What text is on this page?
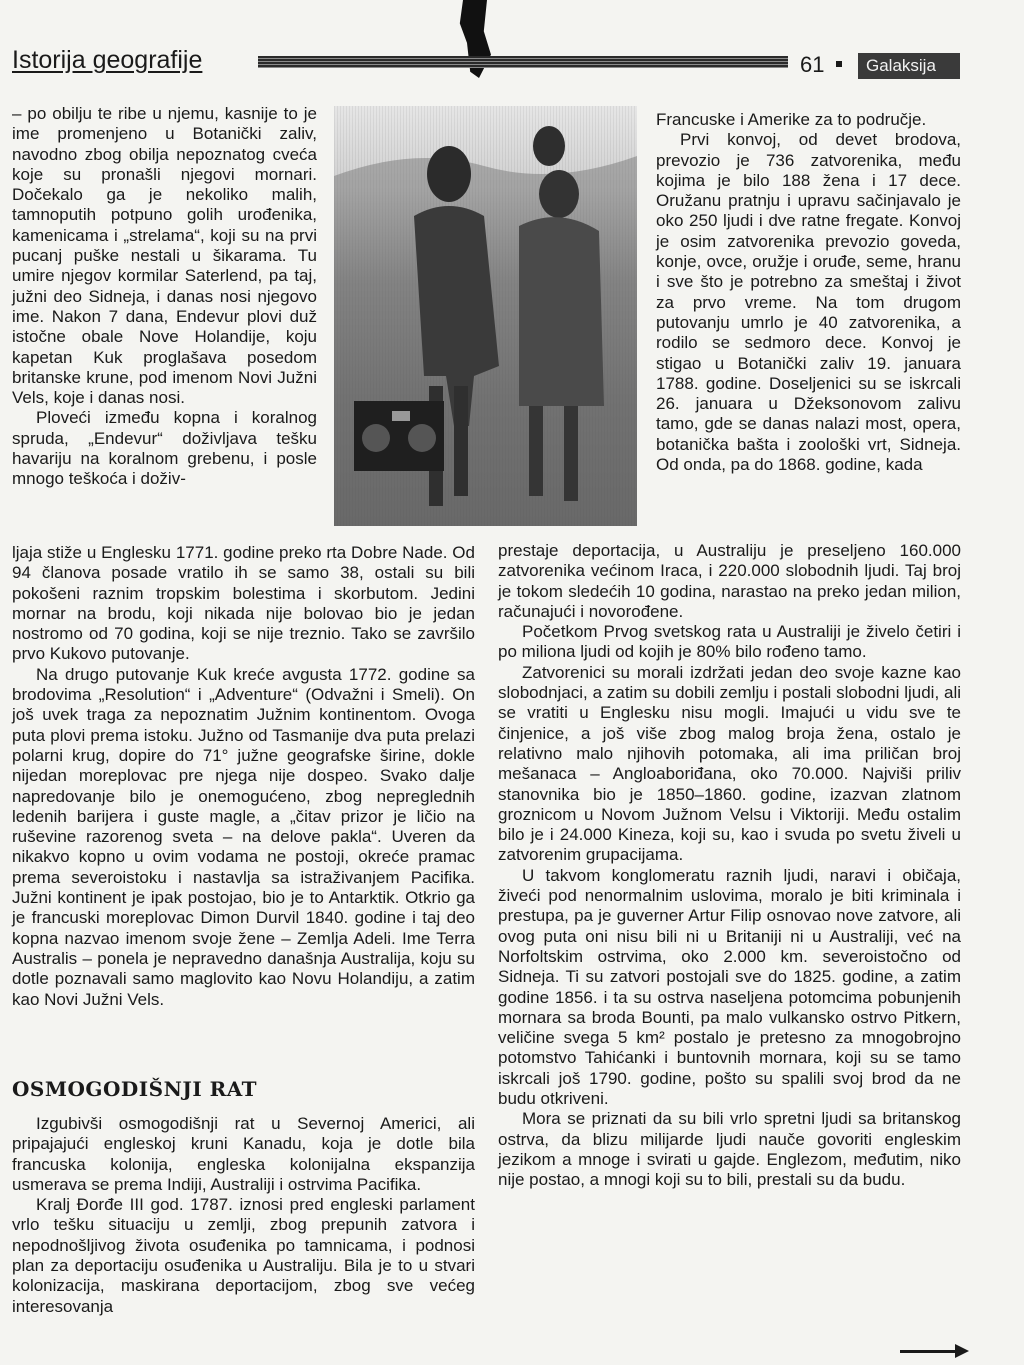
Istorija geografije	61	Galaksija

– po obilju te ribe u njemu, kasnije to je ime promenjeno u Botanički zaliv, navodno zbog obilja nepoznatog cveća koje su pronašli njegovi mornari. Dočekalo ga je nekoliko malih, tamnoputih potpuno golih urođenika, kamenicama i „strelama“, koji su na prvi pucanj puške nestali u šikarama. Tu umire njegov kormilar Saterlend, pa taj, južni deo Sidneja, i danas nosi njegovo ime. Nakon 7 dana, Endevur plovi duž istočne obale Nove Holandije, koju kapetan Kuk proglašava posedom britanske krune, pod imenom Novi Južni Vels, koje i danas nosi.

Ploveći između kopna i koralnog spruda, „Endevur“ doživljava tešku havariju na koralnom grebenu, i posle mnogo teškoća i doživ-

Francuske i Amerike za to područje.

Prvi konvoj, od devet brodova, prevozio je 736 zatvorenika, među kojima je bilo 188 žena i 17 dece. Oružanu pratnju i upravu sačinjavalo je oko 250 ljudi i dve ratne fregate. Konvoj je osim zatvorenika prevozio goveda, konje, ovce, oružje i oruđe, seme, hranu i sve što je potrebno za smeštaj i život za prvo vreme. Na tom drugom putovanju umrlo je 40 zatvorenika, a rodilo se sedmoro dece. Konvoj je stigao u Botanički zaliv 19. januara 1788. godine. Doseljenici su se iskrcali 26. januara u Džeksonovom zalivu tamo, gde se danas nalazi most, opera, botanička bašta i zoološki vrt, Sidneja. Od onda, pa do 1868. godine, kada

ljaja stiže u Englesku 1771. godine preko rta Dobre Nade. Od 94 članova posade vratilo ih se samo 38, ostali su bili pokošeni raznim tropskim bolestima i skorbutom. Jedini mornar na brodu, koji nikada nije bolovao bio je jedan nostromo od 70 godina, koji se nije treznio. Tako se završilo prvo Kukovo putovanje.

Na drugo putovanje Kuk kreće avgusta 1772. godine sa brodovima „Resolution“ i „Adventure“ (Odvažni i Smeli). On još uvek traga za nepoznatim Južnim kontinentom. Ovoga puta plovi prema istoku. Južno od Tasmanije dva puta prelazi polarni krug, dopire do 71° južne geografske širine, dokle nijedan moreplovac pre njega nije dospeo. Svako dalje napredovanje bilo je onemogućeno, zbog nepreglednih ledenih barijera i guste magle, a „čitav prizor je ličio na ruševine razorenog sveta – na delove pakla“. Uveren da nikakvo kopno u ovim vodama ne postoji, okreće pramac prema severoistoku i nastavlja sa istraživanjem Pacifika. Južni kontinent je ipak postojao, bio je to Antarktik. Otkrio ga je francuski moreplovac Dimon Durvil 1840. godine i taj deo kopna nazvao imenom svoje žene – Zemlja Adeli. Ime Terra Australis – ponela je nepravedno današnja Australija, koju su dotle poznavali samo maglovito kao Novu Holandiju, a zatim kao Novi Južni Vels.

OSMOGODIŠNJI RAT

Izgubivši osmogodišnji rat u Severnoj Americi, ali pripajajući engleskoj kruni Kanadu, koja je dotle bila francuska kolonija, engleska kolonijalna ekspanzija usmerava se prema Indiji, Australiji i ostrvima Pacifika.

Kralj Đorđe III god. 1787. iznosi pred engleski parlament vrlo tešku situaciju u zemlji, zbog prepunih zatvora i nepodnošljivog života osuđenika po tamnicama, i podnosi plan za deportaciju osuđenika u Australiju. Bila je to u stvari kolonizacija, maskirana deportacijom, zbog sve većeg interesovanja

prestaje deportacija, u Australiju je preseljeno 160.000 zatvorenika većinom Iraca, i 220.000 slobodnih ljudi. Taj broj je tokom sledećih 10 godina, narastao na preko jedan milion, računajući i novorođene.

Početkom Prvog svetskog rata u Australiji je živelo četiri i po miliona ljudi od kojih je 80% bilo rođeno tamo.

Zatvorenici su morali izdržati jedan deo svoje kazne kao slobodnjaci, a zatim su dobili zemlju i postali slobodni ljudi, ali se vratiti u Englesku nisu mogli. Imajući u vidu sve te činjenice, a još više zbog malog broja žena, ostalo je relativno malo njihovih potomaka, ali ima priličan broj mešanaca – Angloaboriđana, oko 70.000. Najviši priliv stanovnika bio je 1850–1860. godine, izazvan zlatnom groznicom u Novom Južnom Velsu i Viktoriji. Među ostalim bilo je i 24.000 Kineza, koji su, kao i svuda po svetu živeli u zatvorenim grupacijama.

U takvom konglomeratu raznih ljudi, naravi i običaja, živeći pod nenormalnim uslovima, moralo je biti kriminala i prestupa, pa je guverner Artur Filip osnovao nove zatvore, ali ovog puta oni nisu bili ni u Britaniji ni u Australiji, već na Norfoltskim ostrvima, oko 2.000 km. severoistočno od Sidneja. Ti su zatvori postojali sve do 1825. godine, a zatim godine 1856. i ta su ostrva naseljena potomcima pobunjenih mornara sa broda Bounti, pa malo vulkansko ostrvo Pitkern, veličine svega 5 km² postalo je pretesno za mnogobrojno potomstvo Tahićanki i buntovnih mornara, koji su se tamo iskrcali još 1790. godine, pošto su spalili svoj brod da ne budu otkriveni.

Mora se priznati da su bili vrlo spretni ljudi sa britanskog ostrva, da blizu milijarde ljudi nauče govoriti engleskim jezikom a mnoge i svirati u gajde. Englezom, međutim, niko nije postao, a mnogi koji su to bili, prestali su da budu.
